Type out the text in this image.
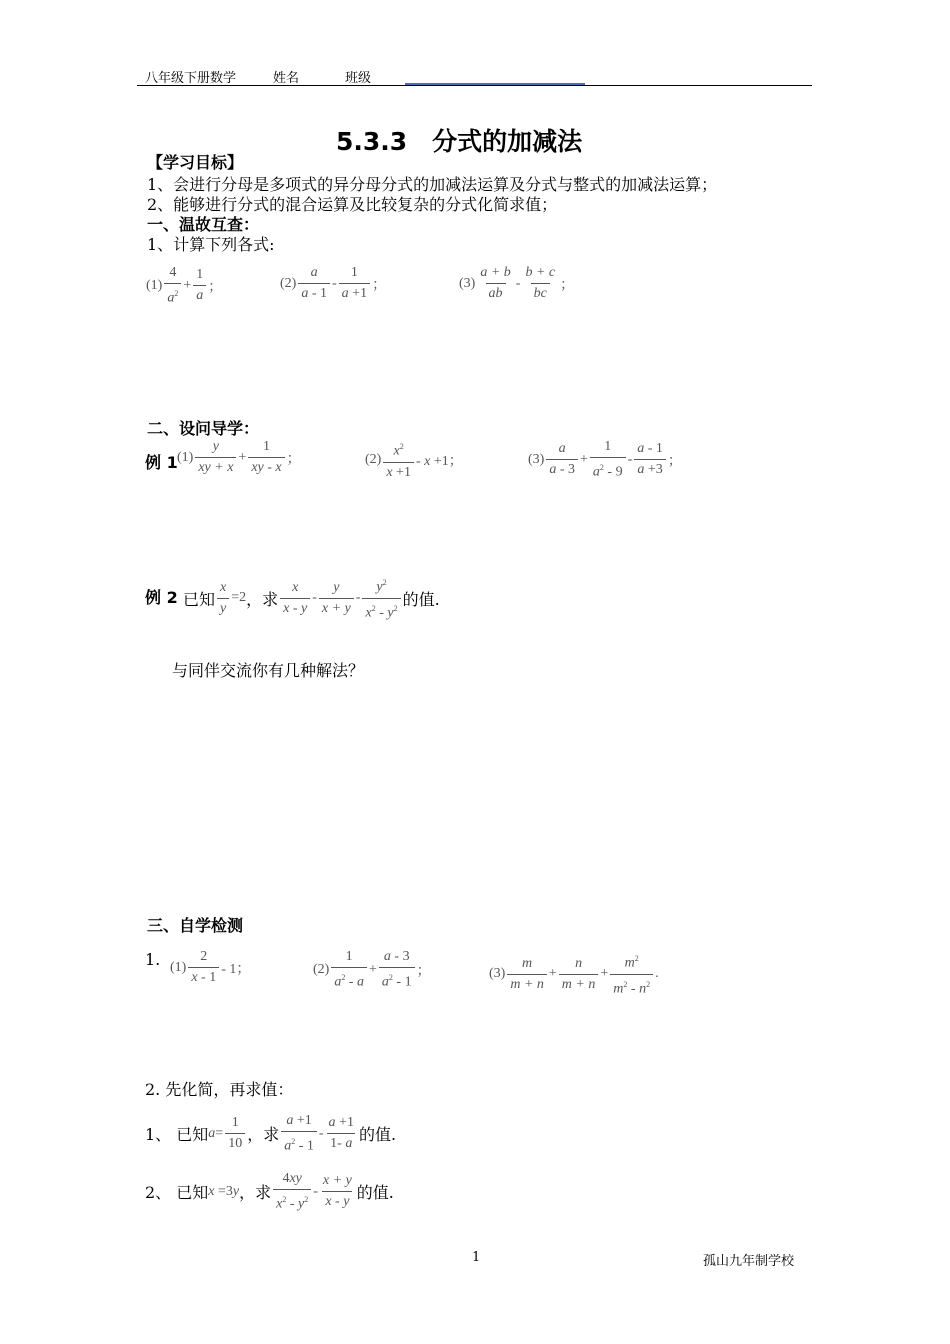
八年级下册数学	姓名	班级
5.3.3　分式的加减法
【学习目标】
1、会进行分母是多项式的异分母分式的加减法运算及分式与整式的加减法运算；
2、能够进行分式的混合运算及比较复杂的分式化简求值；
一、温故互查：
1、计算下列各式:
$(1) \frac{4}{a^2} + \frac{1}{a}$ ；	$(2) \frac{a}{a - 1} - \frac{1}{a +1}$ ；	$(3) \frac{a + b}{ab} - \frac{b + c}{bc}$ ；
二、设问导学：
例 1 $(1) \frac{y}{xy + x} + \frac{1}{xy - x}$ ；	$(2) \frac{x^2}{x +1} - x +1$；	$(3) \frac{a}{a - 3} + \frac{1}{a^2 - 9} - \frac{a - 1}{a +3}$ ；
例 2 已知 $\frac{x}{y} =2$ ，求 $\frac{x}{x - y} - \frac{y}{x + y} - \frac{y^2}{x^2 - y^2}$ 的值.
与同伴交流你有几种解法？
三、自学检测
1. $(1) \frac{2}{x - 1} - 1$；	$(2) \frac{1}{a^2 - a} + \frac{a - 3}{a^2 - 1}$ ；	$(3) \frac{m}{m + n} + \frac{n}{m + n} + \frac{m^2}{m^2 - n^2}$ .
2. 先化简，再求值：
1、 已知 $a = \frac{1}{10}$ ，求 $\frac{a +1}{a^2 - 1} - \frac{a +1}{1- a}$ 的值.
2、 已知 x =3y ，求 $\frac{4xy}{x^2 - y^2} - \frac{x + y}{x - y}$ 的值.
1	孤山九年制学校
